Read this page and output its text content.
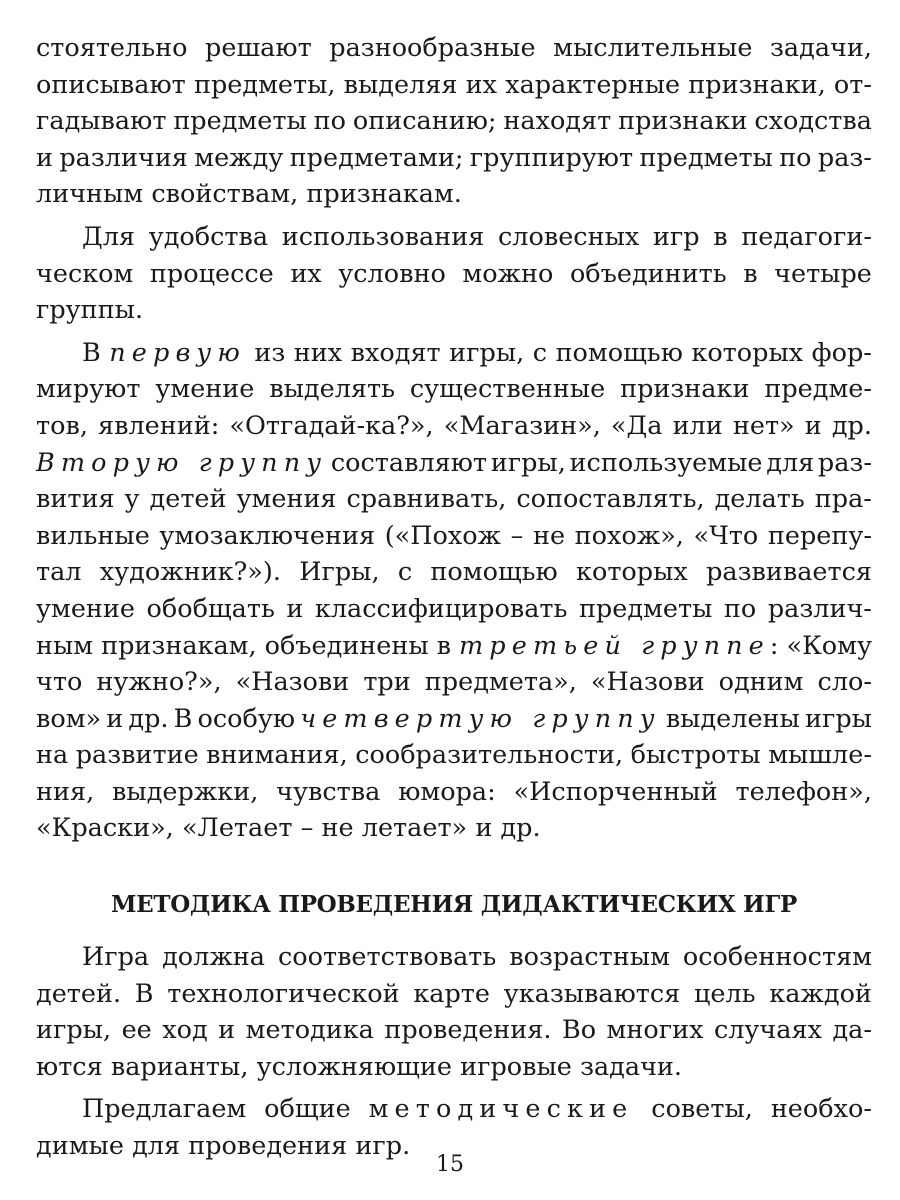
стоятельно решают разнообразные мыслительные задачи,
описывают предметы, выделяя их характерные признаки, от-
гадывают предметы по описанию; находят признаки сходства
и различия между предметами; группируют предметы по раз-
личным свойствам, признакам.
Для удобства использования словесных игр в педагоги-
ческом процессе их условно можно объединить в четыре
группы.
В первую из них входят игры, с помощью которых фор-
мируют умение выделять существенные признаки предме-
тов, явлений: «Отгадай-ка?», «Магазин», «Да или нет» и др.
Вторую группу составляют игры, используемые для раз-
вития у детей умения сравнивать, сопоставлять, делать пра-
вильные умозаключения («Похож – не похож», «Что перепу-
тал художник?»). Игры, с помощью которых развивается
умение обобщать и классифицировать предметы по различ-
ным признакам, объединены в третьей группе: «Кому
что нужно?», «Назови три предмета», «Назови одним сло-
вом» и др. В особую четвертую группу выделены игры
на развитие внимания, сообразительности, быстроты мышле-
ния, выдержки, чувства юмора: «Испорченный телефон»,
«Краски», «Летает – не летает» и др.
МЕТОДИКА ПРОВЕДЕНИЯ ДИДАКТИЧЕСКИХ ИГР
Игра должна соответствовать возрастным особенностям
детей. В технологической карте указываются цель каждой
игры, ее ход и методика проведения. Во многих случаях да-
ются варианты, усложняющие игровые задачи.
Предлагаем общие методические советы, необхо-
димые для проведения игр.
15
